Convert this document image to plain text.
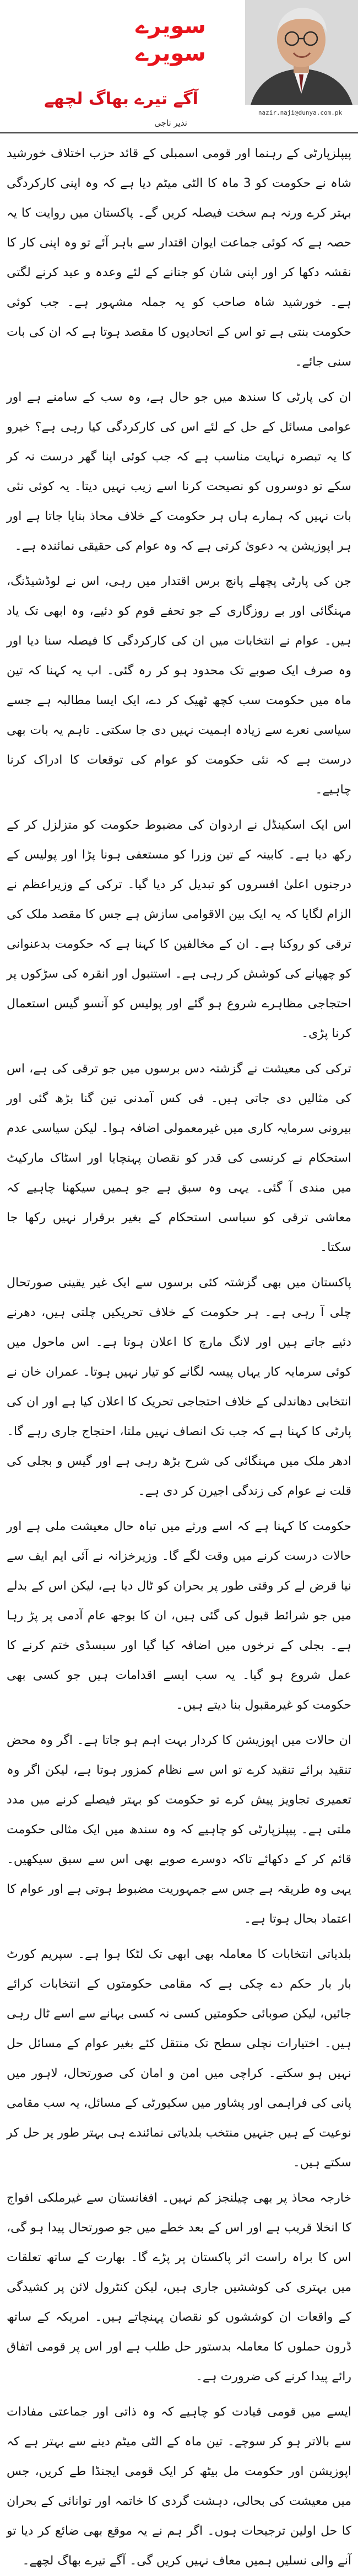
سویرے
سویرے
آگے تیرے بھاگ لچھے
نذیر ناجی
nazir.naji@dunya.com.pk

پیپلزپارٹی کے رہنما اور قومی اسمبلی کے قائد حزب اختلاف خورشید شاہ نے حکومت کو 3 ماہ کا الٹی میٹم دیا ہے کہ وہ اپنی کارکردگی بہتر کرے ورنہ ہم سخت فیصلہ کریں گے۔ پاکستان میں روایت کا یہ حصہ ہے کہ کوئی جماعت ایوان اقتدار سے باہر آئے تو وہ اپنی کار کا نقشہ دکھا کر اور اپنی شان کو جتانے کے لئے وعدہ و عید کرنے لگتی ہے۔ خورشید شاہ صاحب کو یہ جملہ مشہور ہے۔ جب کوئی حکومت بنتی ہے تو اس کے اتحادیوں کا مقصد ہوتا ہے کہ ان کی بات سنی جائے۔

ان کی پارٹی کا سندھ میں جو حال ہے، وہ سب کے سامنے ہے اور عوامی مسائل کے حل کے لئے اس کی کارکردگی کیا رہی ہے؟ خیرو کا یہ تبصرہ نہایت مناسب ہے کہ جب کوئی اپنا گھر درست نہ کر سکے تو دوسروں کو نصیحت کرنا اسے زیب نہیں دیتا۔ یہ کوئی نئی بات نہیں کہ ہمارے ہاں ہر حکومت کے خلاف محاذ بنایا جاتا ہے اور ہر اپوزیشن یہ دعویٰ کرتی ہے کہ وہ عوام کی حقیقی نمائندہ ہے۔

جن کی پارٹی پچھلے پانچ برس اقتدار میں رہی، اس نے لوڈشیڈنگ، مہنگائی اور بے روزگاری کے جو تحفے قوم کو دئیے، وہ ابھی تک یاد ہیں۔ عوام نے انتخابات میں ان کی کارکردگی کا فیصلہ سنا دیا اور وہ صرف ایک صوبے تک محدود ہو کر رہ گئی۔ اب یہ کہنا کہ تین ماہ میں حکومت سب کچھ ٹھیک کر دے، ایک ایسا مطالبہ ہے جسے سیاسی نعرے سے زیادہ اہمیت نہیں دی جا سکتی۔ تاہم یہ بات بھی درست ہے کہ نئی حکومت کو عوام کی توقعات کا ادراک کرنا چاہیے۔

اس ایک اسکینڈل نے اردوان کی مضبوط حکومت کو متزلزل کر کے رکھ دیا ہے۔ کابینہ کے تین وزرا کو مستعفی ہونا پڑا اور پولیس کے درجنوں اعلیٰ افسروں کو تبدیل کر دیا گیا۔ ترکی کے وزیراعظم نے الزام لگایا کہ یہ ایک بین الاقوامی سازش ہے جس کا مقصد ملک کی ترقی کو روکنا ہے۔ ان کے مخالفین کا کہنا ہے کہ حکومت بدعنوانی کو چھپانے کی کوشش کر رہی ہے۔ استنبول اور انقرہ کی سڑکوں پر احتجاجی مظاہرے شروع ہو گئے اور پولیس کو آنسو گیس استعمال کرنا پڑی۔

ترکی کی معیشت نے گزشتہ دس برسوں میں جو ترقی کی ہے، اس کی مثالیں دی جاتی ہیں۔ فی کس آمدنی تین گنا بڑھ گئی اور بیرونی سرمایہ کاری میں غیرمعمولی اضافہ ہوا۔ لیکن سیاسی عدم استحکام نے کرنسی کی قدر کو نقصان پہنچایا اور اسٹاک مارکیٹ میں مندی آ گئی۔ یہی وہ سبق ہے جو ہمیں سیکھنا چاہیے کہ معاشی ترقی کو سیاسی استحکام کے بغیر برقرار نہیں رکھا جا سکتا۔

پاکستان میں بھی گزشتہ کئی برسوں سے ایک غیر یقینی صورتحال چلی آ رہی ہے۔ ہر حکومت کے خلاف تحریکیں چلتی ہیں، دھرنے دئیے جاتے ہیں اور لانگ مارچ کا اعلان ہوتا ہے۔ اس ماحول میں کوئی سرمایہ کار یہاں پیسہ لگانے کو تیار نہیں ہوتا۔ عمران خان نے انتخابی دھاندلی کے خلاف احتجاجی تحریک کا اعلان کیا ہے اور ان کی پارٹی کا کہنا ہے کہ جب تک انصاف نہیں ملتا، احتجاج جاری رہے گا۔ ادھر ملک میں مہنگائی کی شرح بڑھ رہی ہے اور گیس و بجلی کی قلت نے عوام کی زندگی اجیرن کر دی ہے۔

حکومت کا کہنا ہے کہ اسے ورثے میں تباہ حال معیشت ملی ہے اور حالات درست کرنے میں وقت لگے گا۔ وزیرخزانہ نے آئی ایم ایف سے نیا قرض لے کر وقتی طور پر بحران کو ٹال دیا ہے، لیکن اس کے بدلے میں جو شرائط قبول کی گئی ہیں، ان کا بوجھ عام آدمی پر پڑ رہا ہے۔ بجلی کے نرخوں میں اضافہ کیا گیا اور سبسڈی ختم کرنے کا عمل شروع ہو گیا۔ یہ سب ایسے اقدامات ہیں جو کسی بھی حکومت کو غیرمقبول بنا دیتے ہیں۔

ان حالات میں اپوزیشن کا کردار بہت اہم ہو جاتا ہے۔ اگر وہ محض تنقید برائے تنقید کرے تو اس سے نظام کمزور ہوتا ہے، لیکن اگر وہ تعمیری تجاویز پیش کرے تو حکومت کو بہتر فیصلے کرنے میں مدد ملتی ہے۔ پیپلزپارٹی کو چاہیے کہ وہ سندھ میں ایک مثالی حکومت قائم کر کے دکھائے تاکہ دوسرے صوبے بھی اس سے سبق سیکھیں۔ یہی وہ طریقہ ہے جس سے جمہوریت مضبوط ہوتی ہے اور عوام کا اعتماد بحال ہوتا ہے۔

بلدیاتی انتخابات کا معاملہ بھی ابھی تک لٹکا ہوا ہے۔ سپریم کورٹ بار بار حکم دے چکی ہے کہ مقامی حکومتوں کے انتخابات کرائے جائیں، لیکن صوبائی حکومتیں کسی نہ کسی بہانے سے اسے ٹال رہی ہیں۔ اختیارات نچلی سطح تک منتقل کئے بغیر عوام کے مسائل حل نہیں ہو سکتے۔ کراچی میں امن و امان کی صورتحال، لاہور میں پانی کی فراہمی اور پشاور میں سکیورٹی کے مسائل، یہ سب مقامی نوعیت کے ہیں جنہیں منتخب بلدیاتی نمائندے ہی بہتر طور پر حل کر سکتے ہیں۔

خارجہ محاذ پر بھی چیلنجز کم نہیں۔ افغانستان سے غیرملکی افواج کا انخلا قریب ہے اور اس کے بعد خطے میں جو صورتحال پیدا ہو گی، اس کا براہ راست اثر پاکستان پر پڑے گا۔ بھارت کے ساتھ تعلقات میں بہتری کی کوششیں جاری ہیں، لیکن کنٹرول لائن پر کشیدگی کے واقعات ان کوششوں کو نقصان پہنچاتے ہیں۔ امریکہ کے ساتھ ڈرون حملوں کا معاملہ بدستور حل طلب ہے اور اس پر قومی اتفاق رائے پیدا کرنے کی ضرورت ہے۔

ایسے میں قومی قیادت کو چاہیے کہ وہ ذاتی اور جماعتی مفادات سے بالاتر ہو کر سوچے۔ تین ماہ کے الٹی میٹم دینے سے بہتر ہے کہ اپوزیشن اور حکومت مل بیٹھ کر ایک قومی ایجنڈا طے کریں، جس میں معیشت کی بحالی، دہشت گردی کا خاتمہ اور توانائی کے بحران کا حل اولین ترجیحات ہوں۔ اگر ہم نے یہ موقع بھی ضائع کر دیا تو آنے والی نسلیں ہمیں معاف نہیں کریں گی۔ آگے تیرے بھاگ لچھے۔
